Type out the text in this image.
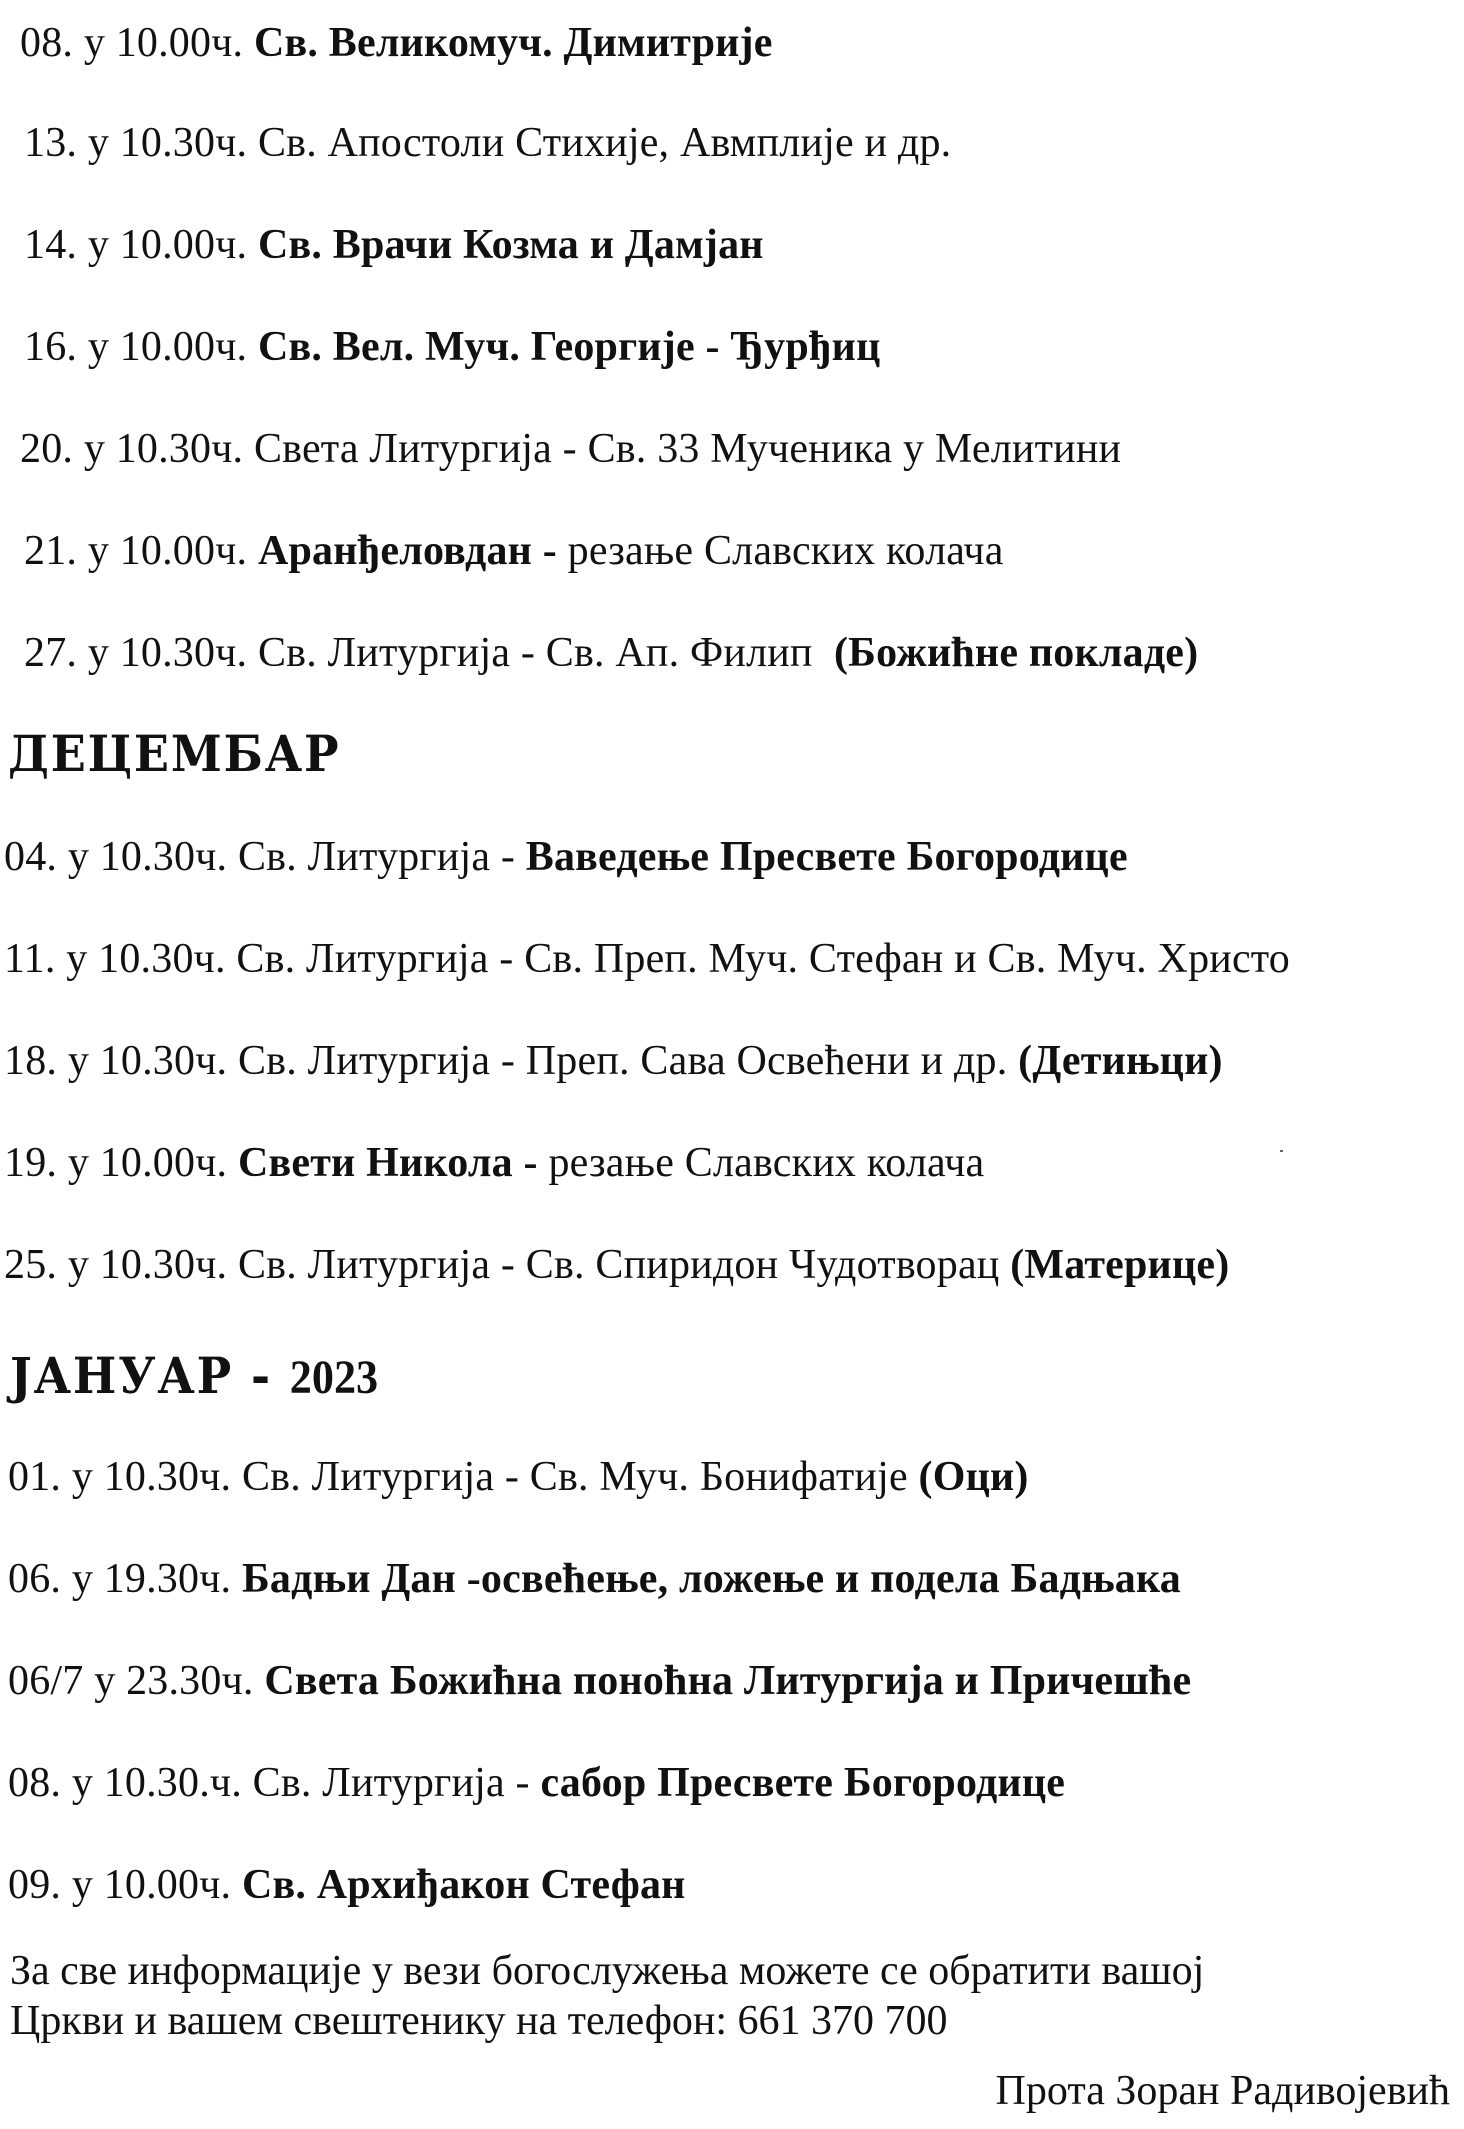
08. у 10.00ч. Св. Великомуч. Димитрије
13. у 10.30ч. Св. Апостоли Стихије, Авмплије и др.
14. у 10.00ч. Св. Врачи Козма и Дамјан
16. у 10.00ч. Св. Вел. Муч. Георгије - Ђурђиц
20. у 10.30ч. Света Литургија - Св. 33 Мученика у Мелитини
21. у 10.00ч. Аранђеловдан - резање Славских колача
27. у 10.30ч. Св. Литургија - Св. Ап. Филип (Божићне покладе)
ДЕЦЕМБАР
04. у 10.30ч. Св. Литургија - Ваведење Пресвете Богородице
11. у 10.30ч. Св. Литургија - Св. Преп. Муч. Стефан и Св. Муч. Христо
18. у 10.30ч. Св. Литургија - Преп. Сава Освећени и др. (Детињци)
19. у 10.00ч. Свети Никола - резање Славских колача
25. у 10.30ч. Св. Литургија - Св. Спиридон Чудотворац (Материце)
ЈАНУАР - 2023
01. у 10.30ч. Св. Литургија - Св. Муч. Бонифатије (Оци)
06. у 19.30ч. Бадњи Дан -освећење, ложење и подела Бадњака
06/7 у 23.30ч. Света Божићна поноћна Литургија и Причешће
08. у 10.30.ч. Св. Литургија - сабор Пресвете Богородице
09. у 10.00ч. Св. Архиђакон Стефан
За све информације у вези богослужења можете се обратити вашој
Цркви и вашем свештенику на телефон: 661 370 700
Прота Зоран Радивојевић
